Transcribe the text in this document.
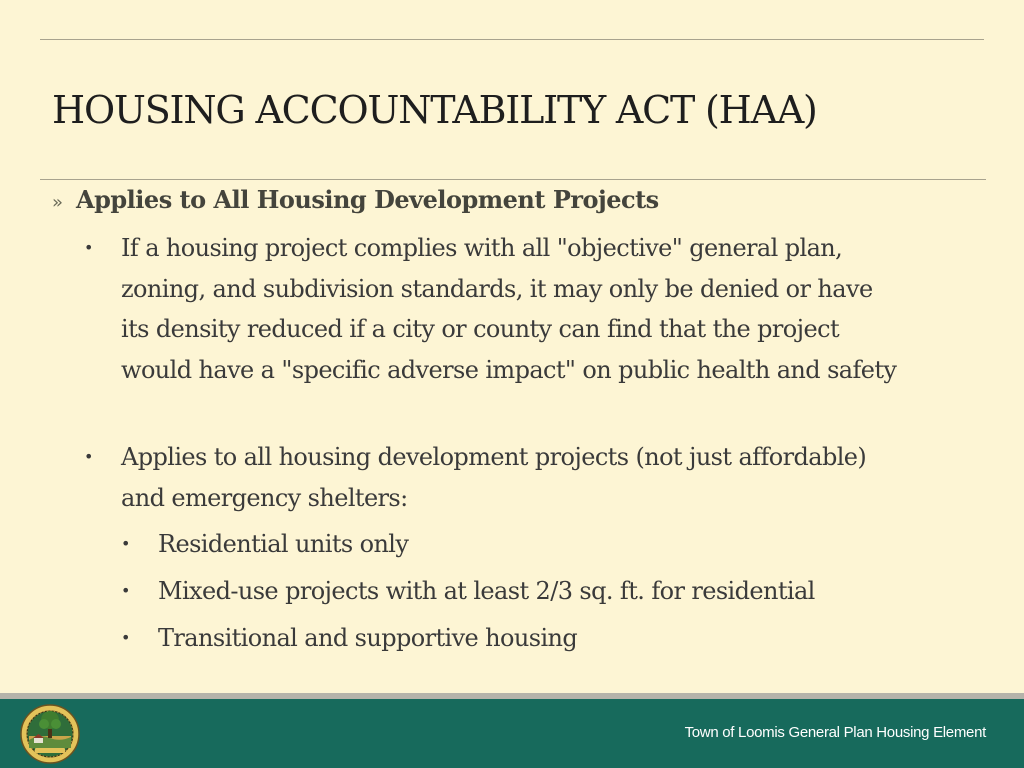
HOUSING ACCOUNTABILITY ACT (HAA)
» Applies to All Housing Development Projects
•	If a housing project complies with all "objective" general plan, zoning, and subdivision standards, it may only be denied or have its density reduced if a city or county can find that the project would have a "specific adverse impact" on public health and safety

•	Applies to all housing development projects (not just affordable) and emergency shelters:

•	Residential units only
•	Mixed-use projects with at least 2/3 sq. ft. for residential
•	Transitional and supportive housing
Town of Loomis General Plan Housing Element
